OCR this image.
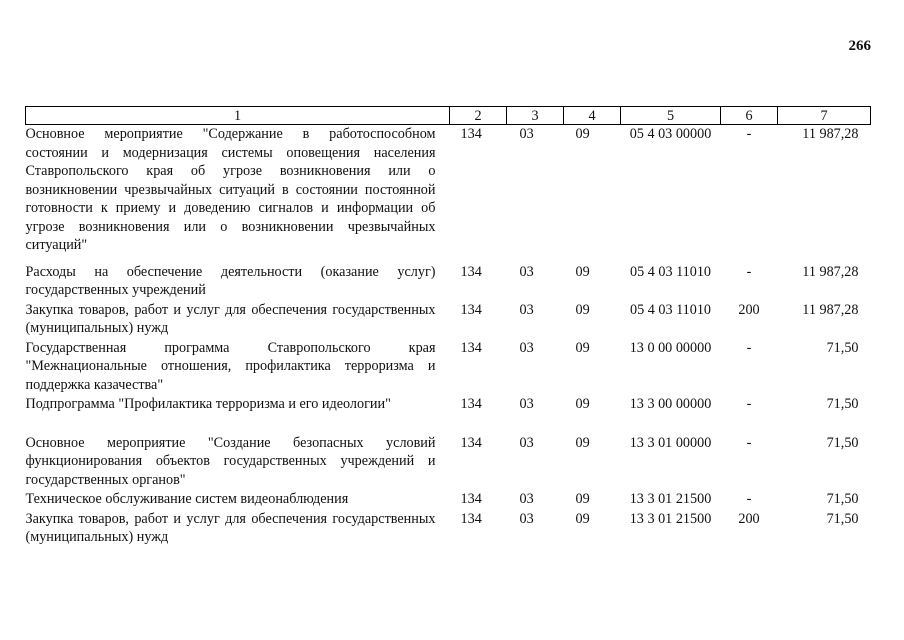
266
1	2	3	4	5	6	7
Основное мероприятие "Содержание в работоспособном состоянии и модернизация системы оповещения населения Ставропольского края об угрозе возникновения или о возникновении чрезвычайных ситуаций в состоянии постоянной готовности к приему и доведению сигналов и информации об угрозе возникновения или о возникновении чрезвычайных ситуаций"	134	03	09	05 4 03 00000	-	11 987,28
Расходы на обеспечение деятельности (оказание услуг) государственных учреждений	134	03	09	05 4 03 11010	-	11 987,28
Закупка товаров, работ и услуг для обеспечения государственных (муниципальных) нужд	134	03	09	05 4 03 11010	200	11 987,28
Государственная программа Ставропольского края "Межнациональные отношения, профилактика терроризма и поддержка казачества"	134	03	09	13 0 00 00000	-	71,50
Подпрограмма "Профилактика терроризма и его идеологии"	134	03	09	13 3 00 00000	-	71,50
Основное мероприятие "Создание безопасных условий функционирования объектов государственных учреждений и государственных органов"	134	03	09	13 3 01 00000	-	71,50
Техническое обслуживание систем видеонаблюдения	134	03	09	13 3 01 21500	-	71,50
Закупка товаров, работ и услуг для обеспечения государственных (муниципальных) нужд	134	03	09	13 3 01 21500	200	71,50
